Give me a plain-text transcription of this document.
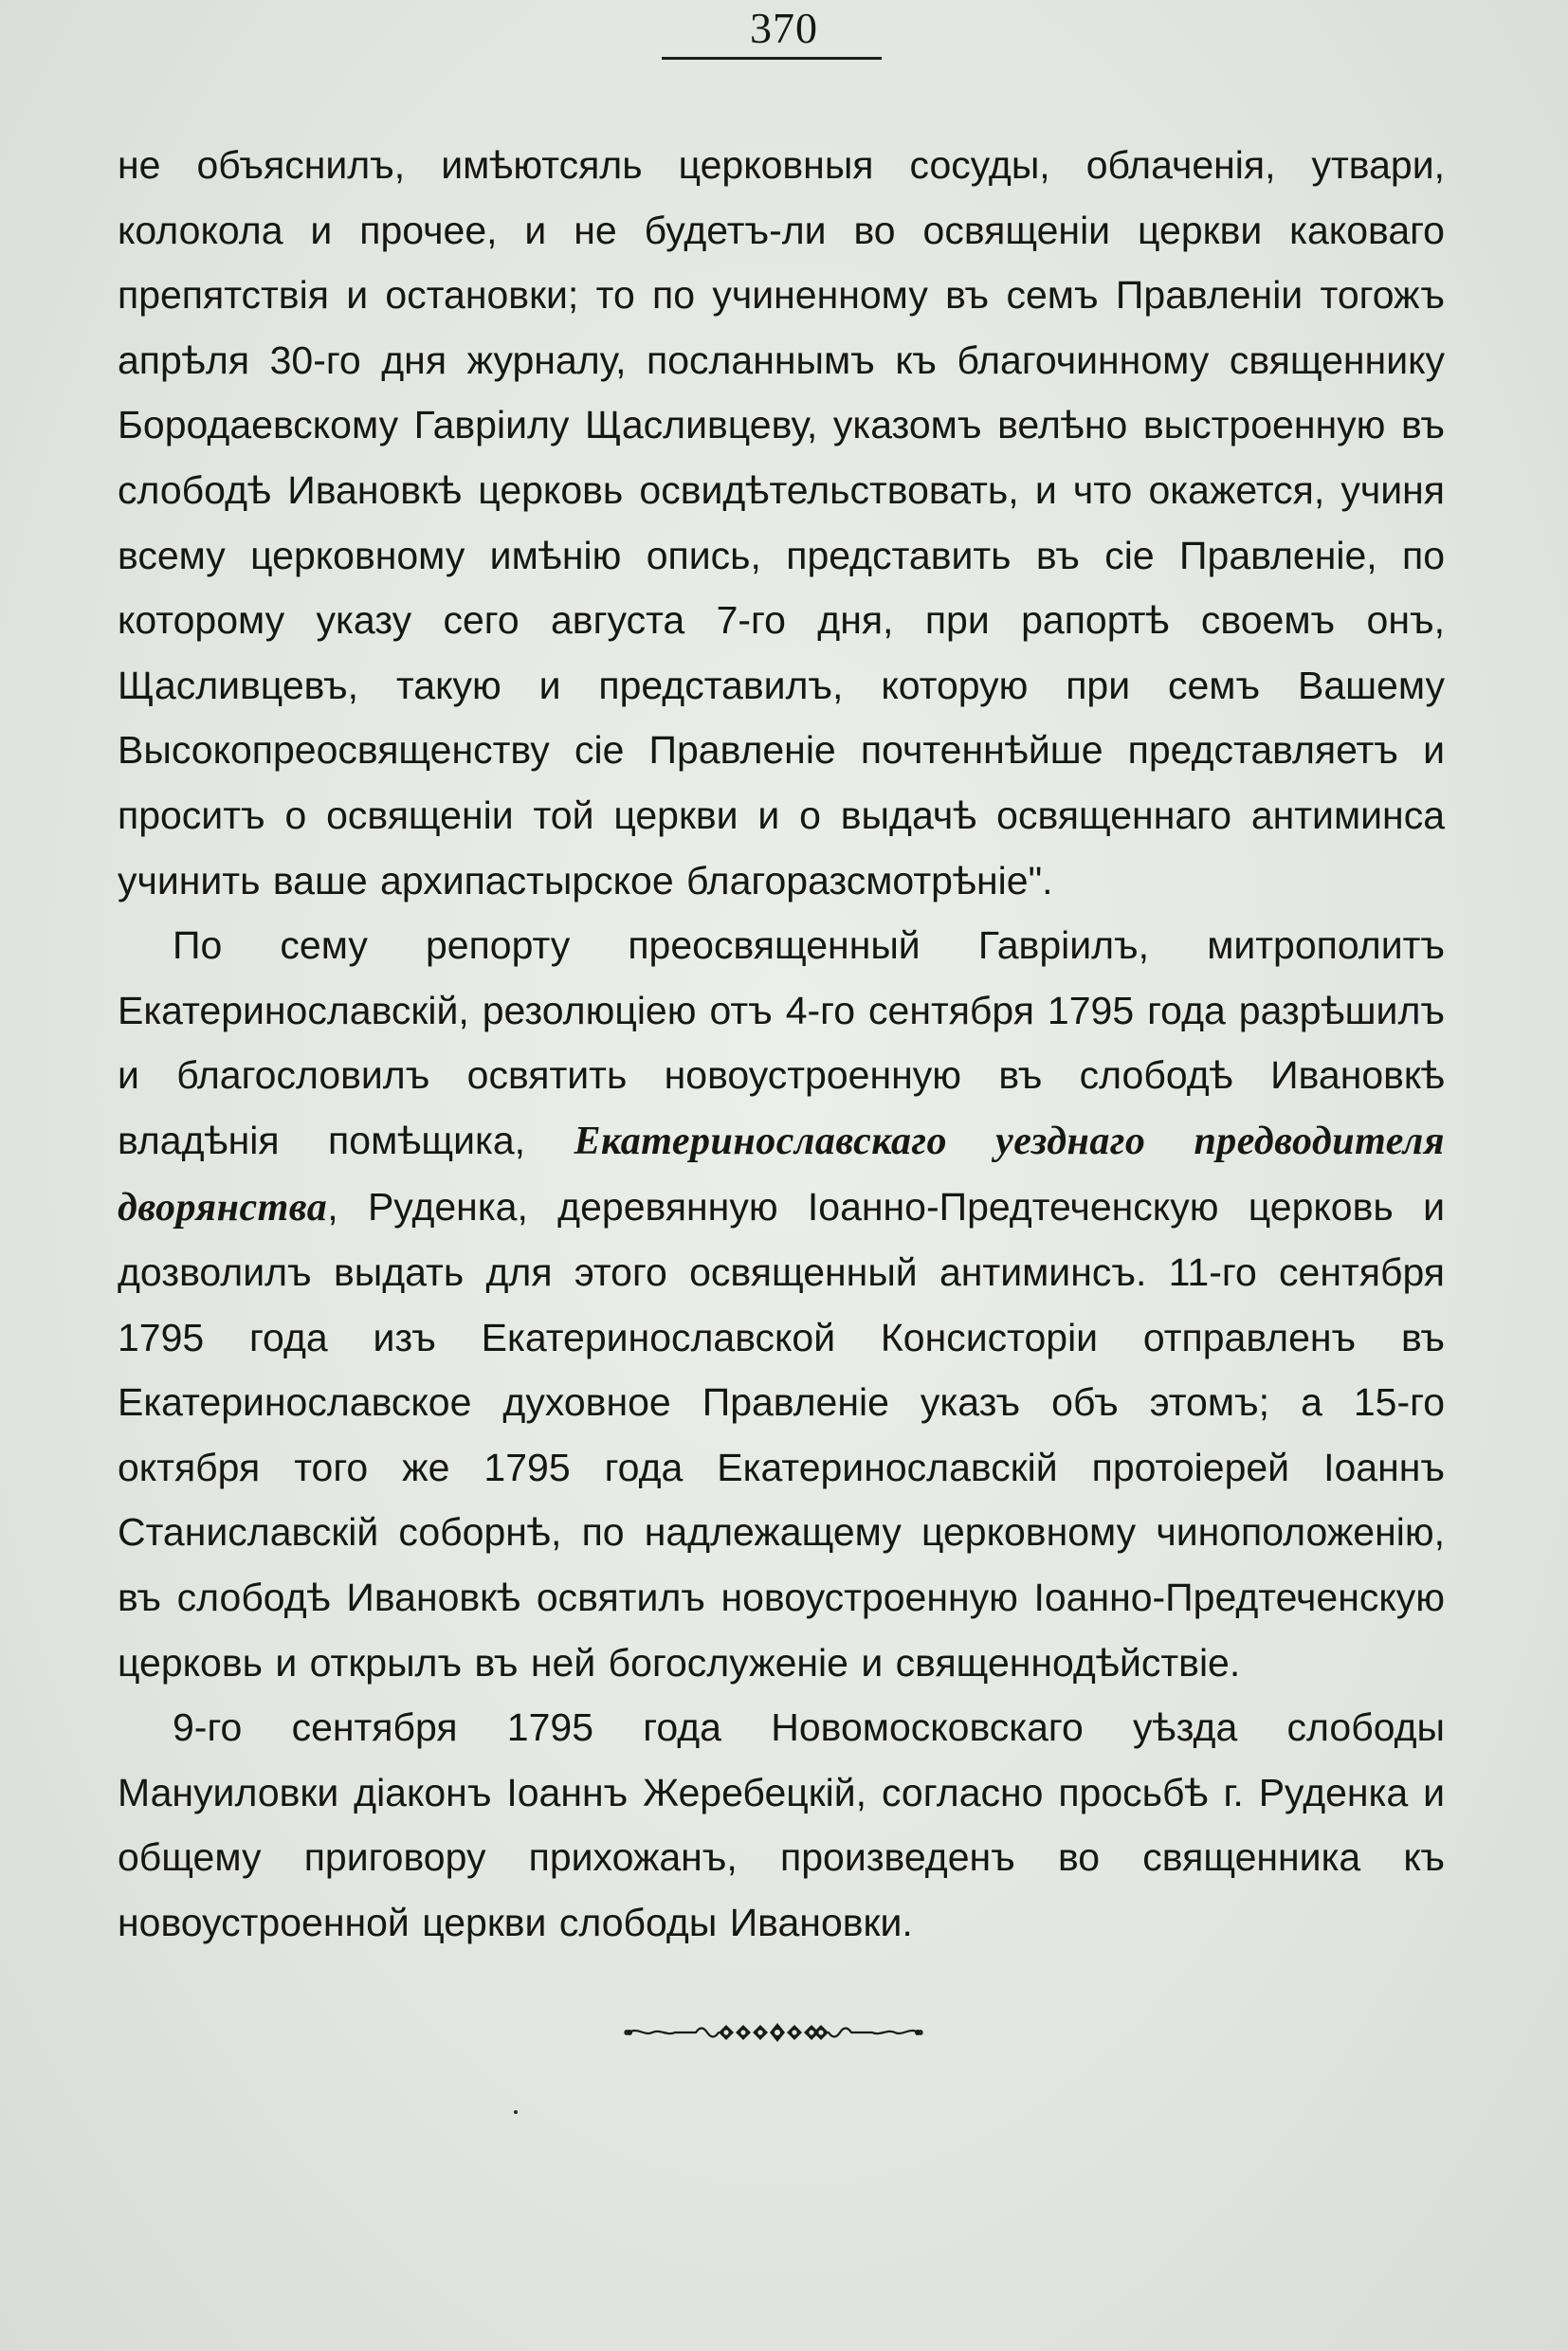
370

не объяснилъ, имѣютсяль церковныя сосуды, облаченія, утвари, колокола и прочее, и не будетъ-ли во освященіи церкви каковаго препятствія и остановки; то по учиненному въ семъ Правленіи тогожъ апрѣля 30-го дня журналу, посланнымъ къ благочинному священнику Бородаевскому Гавріилу Щасливцеву, указомъ велѣно выстроенную въ слободѣ Ивановкѣ церковь освидѣтельствовать, и что окажется, учиня всему церковному имѣнію опись, представить въ сіе Правленіе, по которому указу сего августа 7-го дня, при рапортѣ своемъ онъ, Щасливцевъ, такую и представилъ, которую при семъ Вашему Высокопреосвященству сіе Правленіе почтеннѣйше представляетъ и проситъ о освященіи той церкви и о выдачѣ освященнаго антиминса учинить ваше архипастырское благоразсмотрѣніе".

По сему репорту преосвященный Гавріилъ, митрополитъ Екатеринославскій, резолюціею отъ 4-го сентября 1795 года разрѣшилъ и благословилъ освятить новоустроенную въ слободѣ Ивановкѣ владѣнія помѣщика, Екатеринославскаго уезднаго предводителя дворянства, Руденка, деревянную Іоанно-Предтеченскую церковь и дозволилъ выдать для этого освященный антиминсъ. 11-го сентября 1795 года изъ Екатеринославской Консисторіи отправленъ въ Екатеринославское духовное Правленіе указъ объ этомъ; а 15-го октября того же 1795 года Екатеринославскій протоіерей Іоаннъ Станиславскій соборнѣ, по надлежащему церковному чиноположенію, въ слободѣ Ивановкѣ освятилъ новоустроенную Іоанно-Предтеченскую церковь и открылъ въ ней богослуженіе и священнодѣйствіе.

9-го сентября 1795 года Новомосковскаго уѣзда слободы Мануиловки діаконъ Іоаннъ Жеребецкій, согласно просьбѣ г. Руденка и общему приговору прихожанъ, произведенъ во священника къ новоустроенной церкви слободы Ивановки.
